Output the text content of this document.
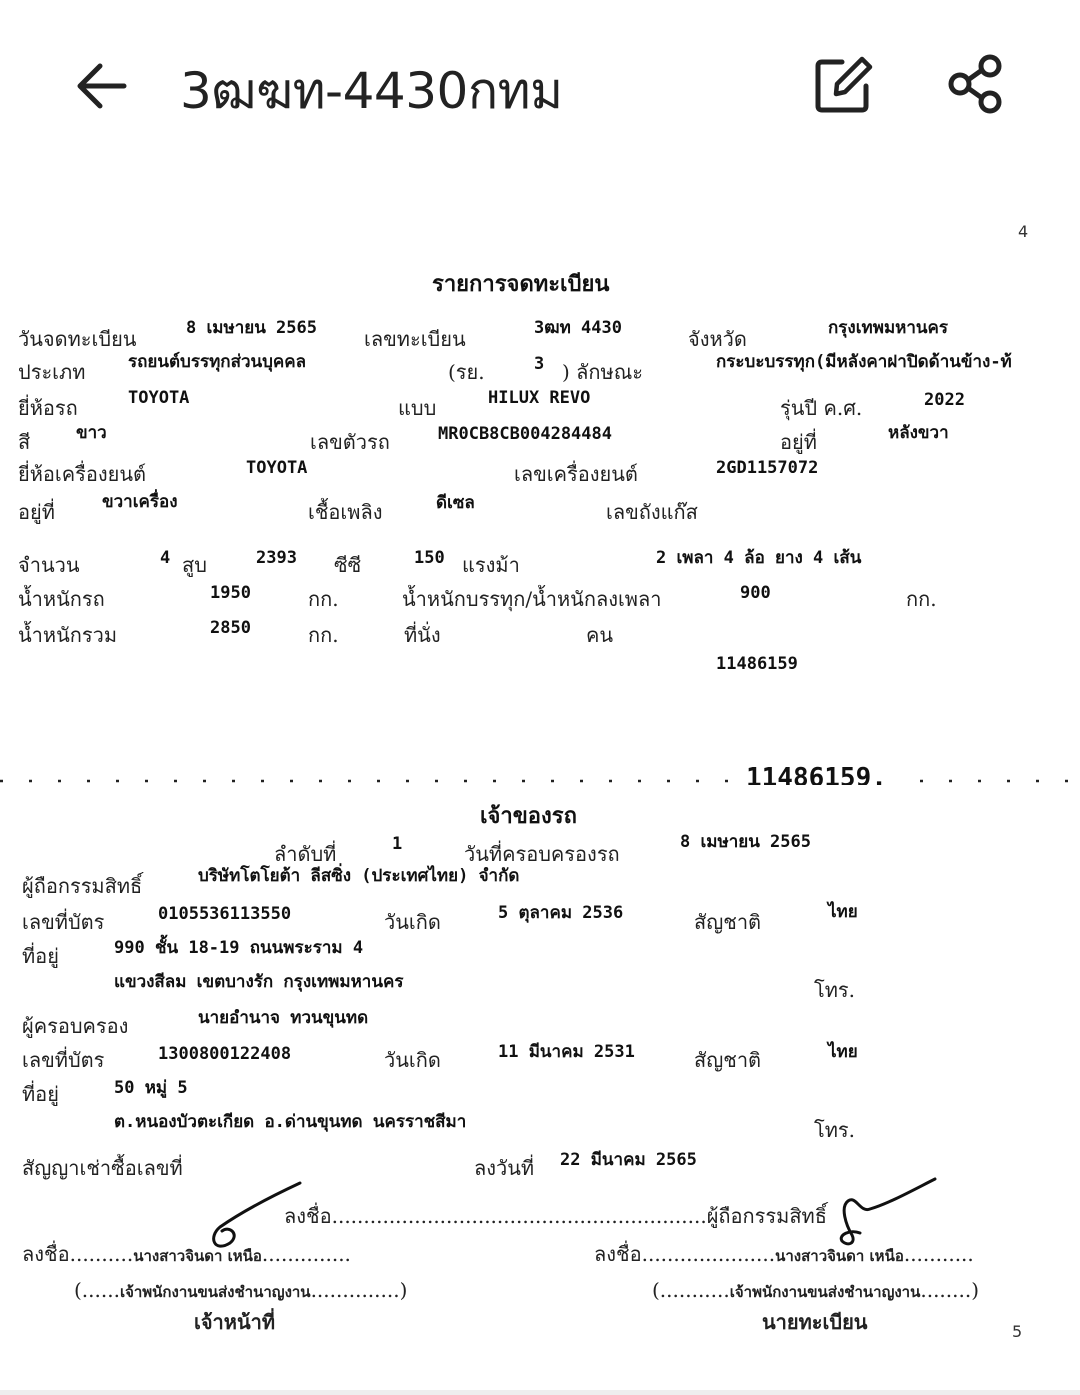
3ฒฆท-4430กทม
4
รายการจดทะเบียน
วันจดทะเบียน	8 เมษายน 2565 เลขทะเบียน	3ฒท 4430	จังหวัด	กรุงเทพมหานคร
ประเภท	รถยนต์บรรทุกส่วนบุคคล	(รย.	3 ) ลักษณะ	กระบะบรรทุก(มีหลังคาฝาปิดด้านข้าง-ท้
ยี่ห้อรถ	TOYOTA	แบบ	HILUX REVO	รุ่นปี ค.ศ.	2022
สี	ขาว	เลขตัวรถ	MR0CB8CB004284484	อยู่ที่	หลังขวา
ยี่ห้อเครื่องยนต์	TOYOTA	เลขเครื่องยนต์	2GD1157072
อยู่ที่	ขวาเครื่อง	เชื้อเพลิง	ดีเซล	เลขถังแก๊ส
จำนวน	4 สูบ	2393 ซีซี	150 แรงม้า	2 เพลา 4 ล้อ ยาง 4 เส้น
น้ำหนักรถ	1950	กก.	น้ำหนักบรรทุก/น้ำหนักลงเพลา	900	กก.
น้ำหนักรวม	2850	กก.	ที่นั่ง	คน
11486159
11486159.
เจ้าของรถ
ลำดับที่	1	วันที่ครอบครองรถ	8 เมษายน 2565
ผู้ถือกรรมสิทธิ์	บริษัทโตโยต้า ลีสซิ่ง (ประเทศไทย) จำกัด
เลขที่บัตร	0105536113550	วันเกิด	5 ตุลาคม 2536	สัญชาติ	ไทย
ที่อยู่	990 ชั้น 18-19 ถนนพระราม 4
แขวงสีลม เขตบางรัก กรุงเทพมหานคร	โทร.
ผู้ครอบครอง	นายอำนาจ ทวนขุนทด
เลขที่บัตร	1300800122408	วันเกิด	11 มีนาคม 2531	สัญชาติ	ไทย
ที่อยู่	50 หมู่ 5
ต.หนองบัวตะเกียด อ.ด่านขุนทด นครราชสีมา	โทร.
สัญญาเช่าซื้อเลขที่	ลงวันที่ 22 มีนาคม 2565
ลงชื่อ...........................................................ผู้ถือกรรมสิทธิ์
ลงชื่อ..........นางสาวจินดา เหนือ..............	ลงชื่อ.....................นางสาวจินดา เหนือ...........
(......เจ้าพนักงานขนส่งชำนาญงาน..............)	(...........เจ้าพนักงานขนส่งชำนาญงาน........)
เจ้าหน้าที่	นายทะเบียน	5
